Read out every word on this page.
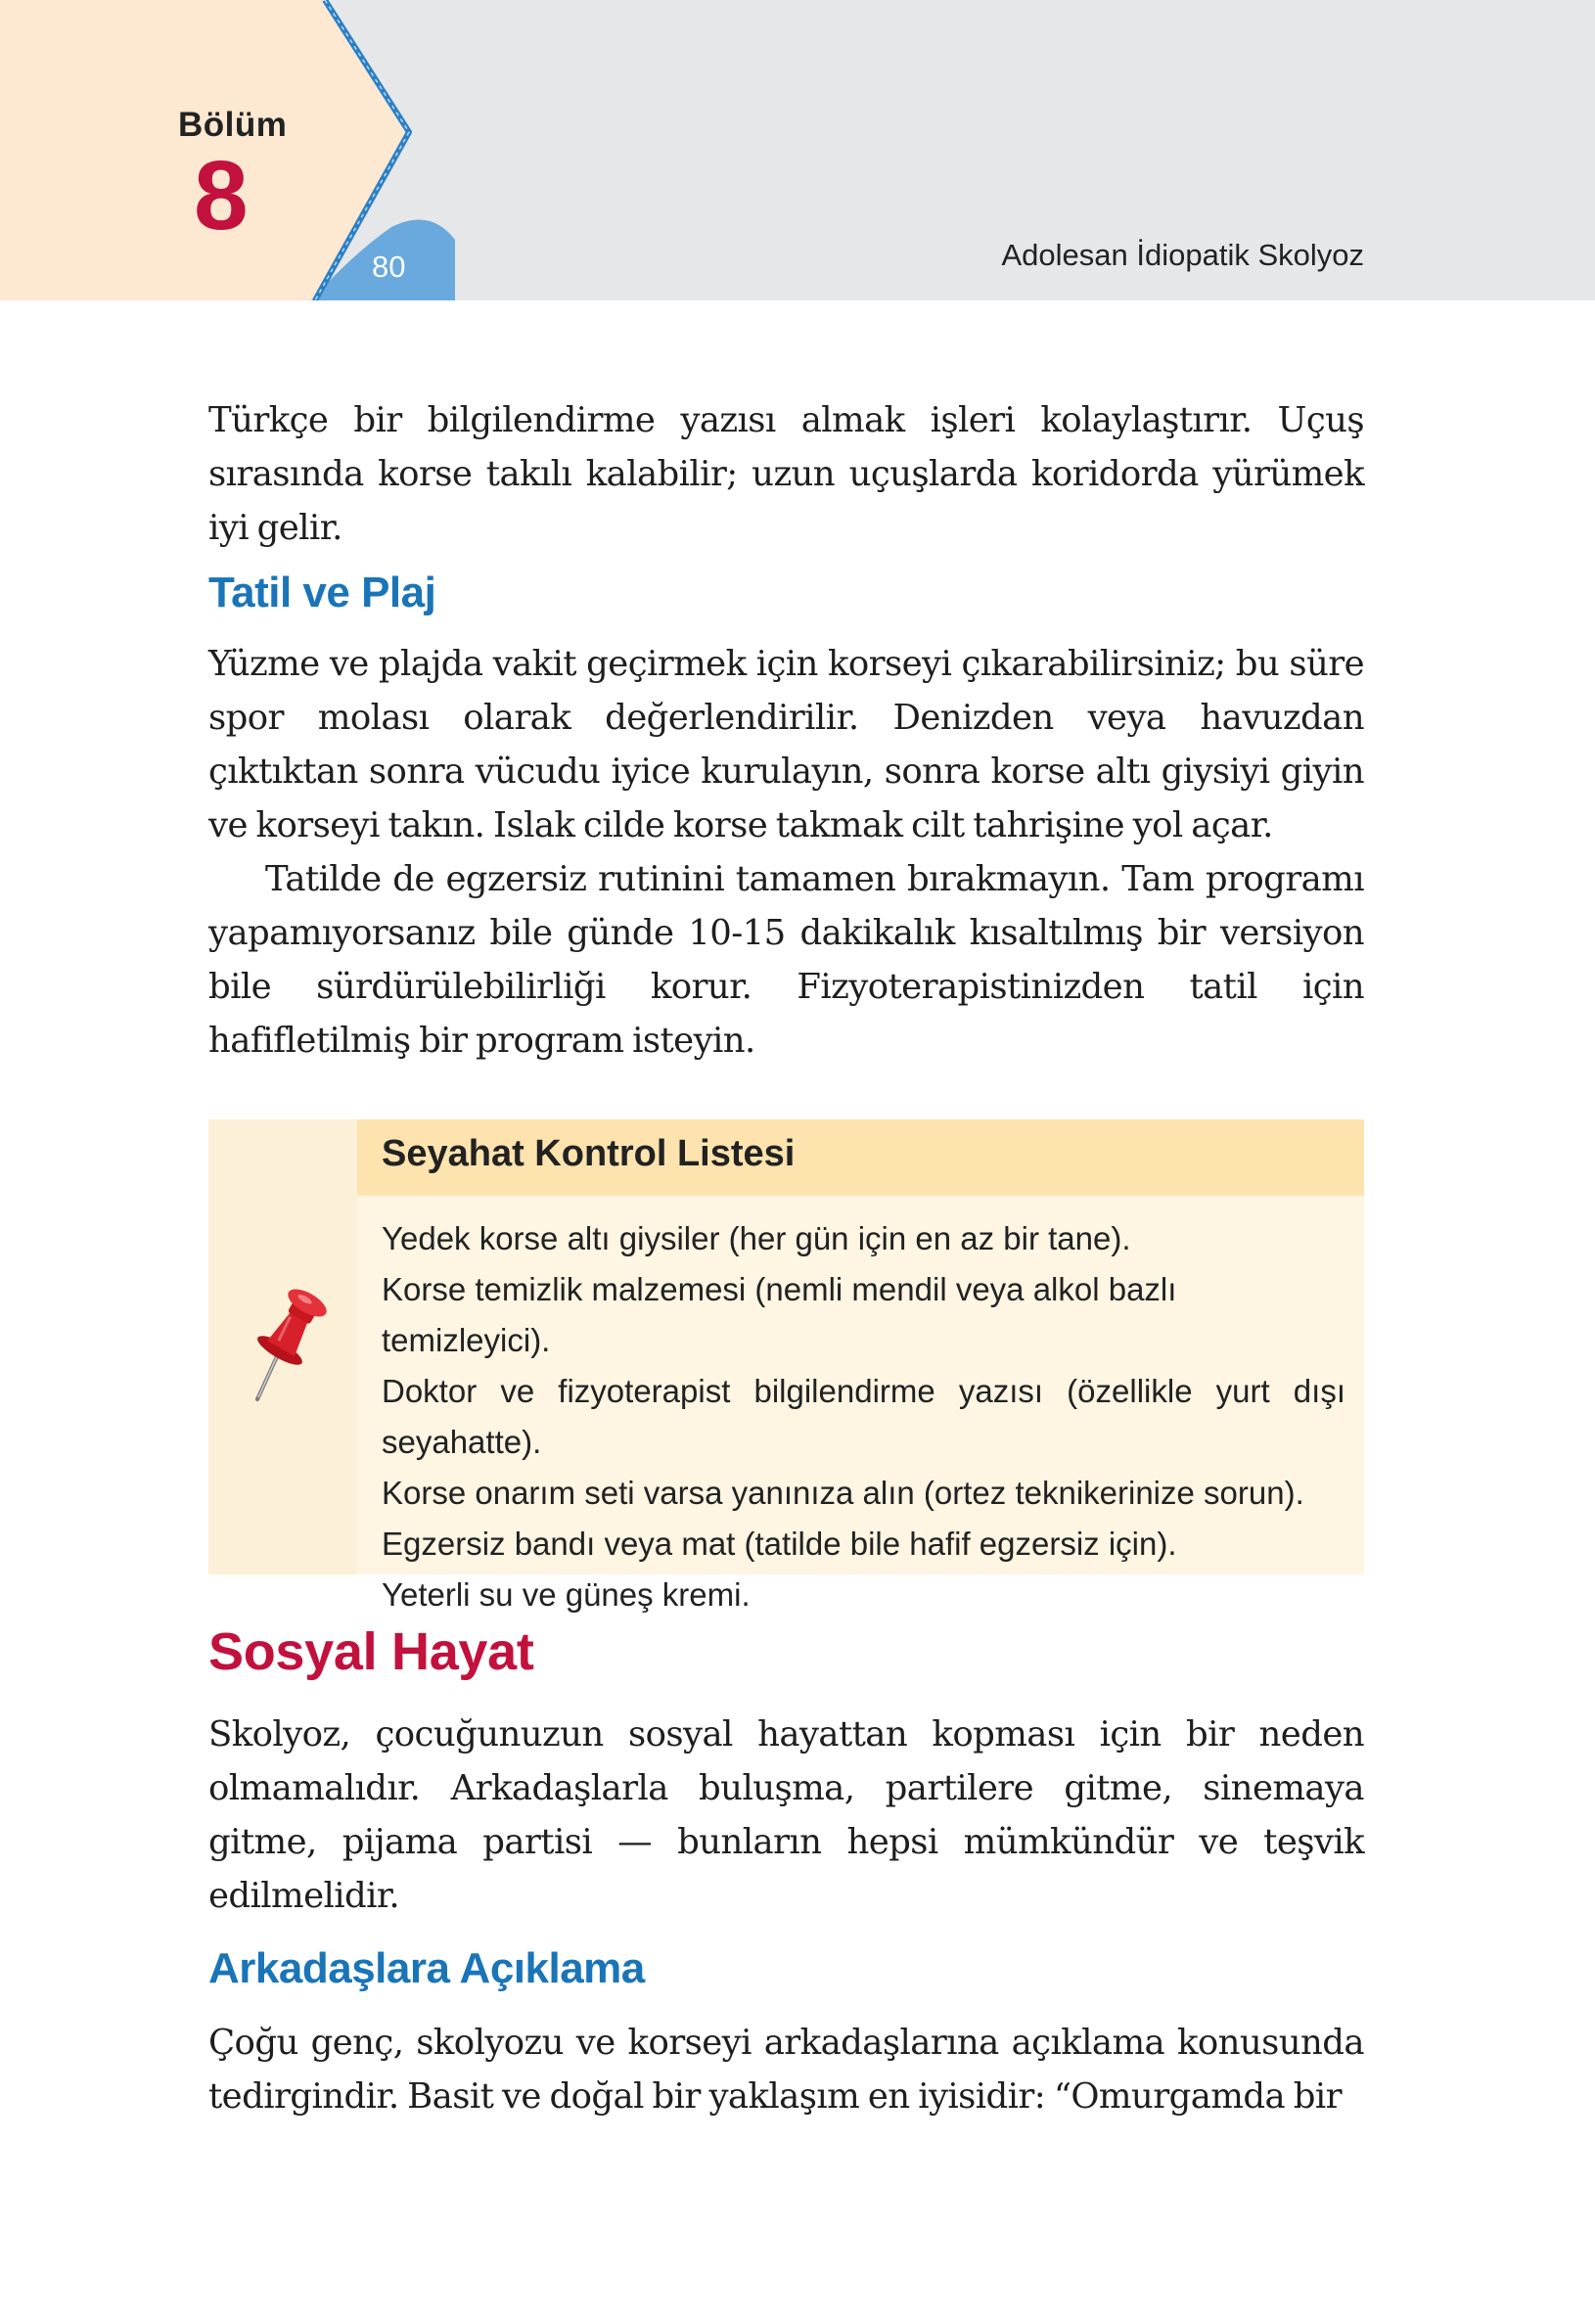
Bölüm
8
80	Adolesan İdiopatik Skolyoz

Türkçe bir bilgilendirme yazısı almak işleri kolaylaştırır. Uçuş sırasında korse takılı kalabilir; uzun uçuşlarda koridorda yürümek iyi gelir.

Tatil ve Plaj

Yüzme ve plajda vakit geçirmek için korseyi çıkarabilirsiniz; bu süre spor molası olarak değerlendirilir. Denizden veya havuzdan çıktıktan sonra vücudu iyice kurulayın, sonra korse altı giysiyi giyin ve korseyi takın. Islak cilde korse takmak cilt tahrişine yol açar.

Tatilde de egzersiz rutinini tamamen bırakmayın. Tam programı yapamıyorsanız bile günde 10-15 dakikalık kısaltılmış bir versiyon bile sürdürülebilirliği korur. Fizyoterapistinizden tatil için hafifletilmiş bir program isteyin.

Seyahat Kontrol Listesi
Yedek korse altı giysiler (her gün için en az bir tane).
Korse temizlik malzemesi (nemli mendil veya alkol bazlı temizleyici).
Doktor ve fizyoterapist bilgilendirme yazısı (özellikle yurt dışı seyahatte).
Korse onarım seti varsa yanınıza alın (ortez teknikerinize sorun).
Egzersiz bandı veya mat (tatilde bile hafif egzersiz için).
Yeterli su ve güneş kremi.
Sosyal Hayat

Skolyoz, çocuğunuzun sosyal hayattan kopması için bir neden olmamalıdır. Arkadaşlarla buluşma, partilere gitme, sinemaya gitme, pijama partisi — bunların hepsi mümkündür ve teşvik edilmelidir.

Arkadaşlara Açıklama

Çoğu genç, skolyozu ve korseyi arkadaşlarına açıklama konusunda tedirgindir. Basit ve doğal bir yaklaşım en iyisidir: “Omurgamda bir
